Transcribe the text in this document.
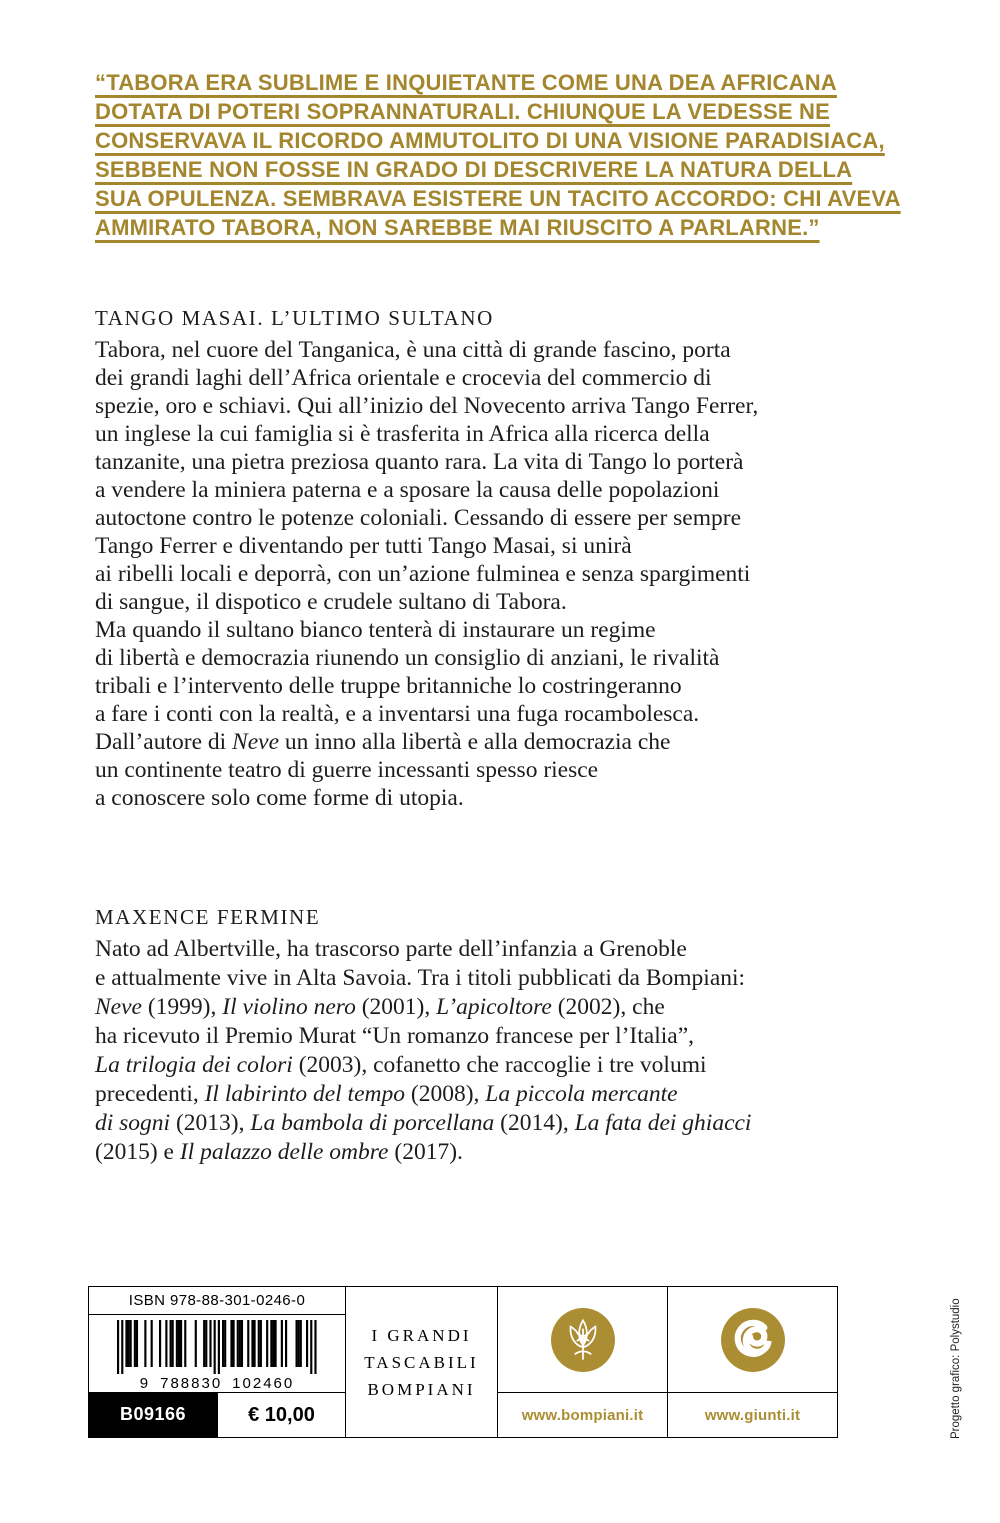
“TABORA ERA SUBLIME E INQUIETANTE COME UNA DEA AFRICANA
DOTATA DI POTERI SOPRANNATURALI. CHIUNQUE LA VEDESSE NE
CONSERVAVA IL RICORDO AMMUTOLITO DI UNA VISIONE PARADISIACA,
SEBBENE NON FOSSE IN GRADO DI DESCRIVERE LA NATURA DELLA
SUA OPULENZA. SEMBRAVA ESISTERE UN TACITO ACCORDO: CHI AVEVA
AMMIRATO TABORA, NON SAREBBE MAI RIUSCITO A PARLARNE.”
TANGO MASAI. L’ULTIMO SULTANO
Tabora, nel cuore del Tanganica, è una città di grande fascino, porta
dei grandi laghi dell’Africa orientale e crocevia del commercio di
spezie, oro e schiavi. Qui all’inizio del Novecento arriva Tango Ferrer,
un inglese la cui famiglia si è trasferita in Africa alla ricerca della
tanzanite, una pietra preziosa quanto rara. La vita di Tango lo porterà
a vendere la miniera paterna e a sposare la causa delle popolazioni
autoctone contro le potenze coloniali. Cessando di essere per sempre
Tango Ferrer e diventando per tutti Tango Masai, si unirà
ai ribelli locali e deporrà, con un’azione fulminea e senza spargimenti
di sangue, il dispotico e crudele sultano di Tabora.
Ma quando il sultano bianco tenterà di instaurare un regime
di libertà e democrazia riunendo un consiglio di anziani, le rivalità
tribali e l’intervento delle truppe britanniche lo costringeranno
a fare i conti con la realtà, e a inventarsi una fuga rocambolesca.
Dall’autore di Neve un inno alla libertà e alla democrazia che
un continente teatro di guerre incessanti spesso riesce
a conoscere solo come forme di utopia.
MAXENCE FERMINE
Nato ad Albertville, ha trascorso parte dell’infanzia a Grenoble
e attualmente vive in Alta Savoia. Tra i titoli pubblicati da Bompiani:
Neve (1999), Il violino nero (2001), L’apicoltore (2002), che
ha ricevuto il Premio Murat “Un romanzo francese per l’Italia”,
La trilogia dei colori (2003), cofanetto che raccoglie i tre volumi
precedenti, Il labirinto del tempo (2008), La piccola mercante
di sogni (2013), La bambola di porcellana (2014), La fata dei ghiacci
(2015) e Il palazzo delle ombre (2017).
ISBN 978-88-301-0246-0
9 788830 102460
I GRANDI
TASCABILI
BOMPIANI
B09166	€ 10,00	www.bompiani.it	www.giunti.it	Progetto grafico: Polystudio
